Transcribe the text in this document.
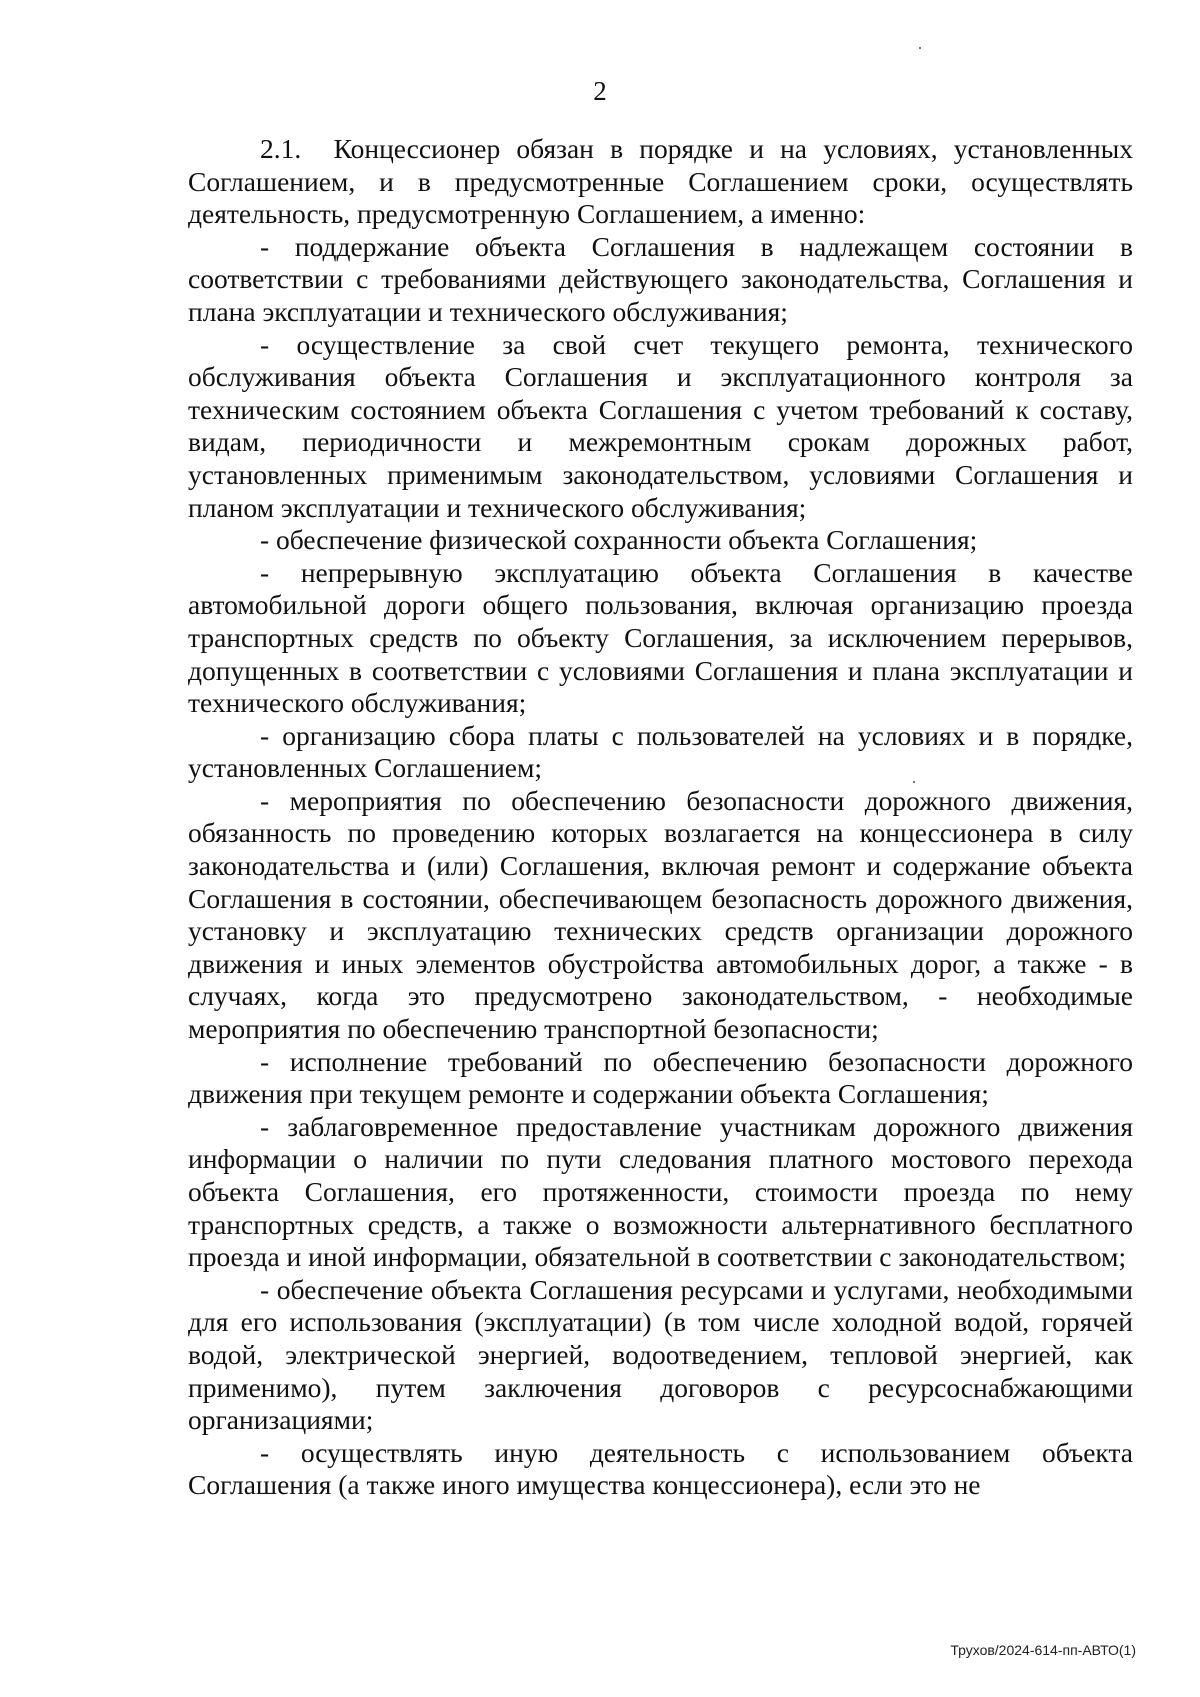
2

2.1.  Концессионер обязан в порядке и на условиях, установленных Соглашением, и в предусмотренные Соглашением сроки, осуществлять деятельность, предусмотренную Соглашением, а именно:

- поддержание объекта Соглашения в надлежащем состоянии в соответствии с требованиями действующего законодательства, Соглашения и плана эксплуатации и технического обслуживания;

- осуществление за свой счет текущего ремонта, технического обслуживания объекта Соглашения и эксплуатационного контроля за техническим состоянием объекта Соглашения с учетом требований к составу, видам, периодичности и межремонтным срокам дорожных работ, установленных применимым законодательством, условиями Соглашения и планом эксплуатации и технического обслуживания;

- обеспечение физической сохранности объекта Соглашения;

- непрерывную эксплуатацию объекта Соглашения в качестве автомобильной дороги общего пользования, включая организацию проезда транспортных средств по объекту Соглашения, за исключением перерывов, допущенных в соответствии с условиями Соглашения и плана эксплуатации и технического обслуживания;

- организацию сбора платы с пользователей на условиях и в порядке, установленных Соглашением;

- мероприятия по обеспечению безопасности дорожного движения, обязанность по проведению которых возлагается на концессионера в силу законодательства и (или) Соглашения, включая ремонт и содержание объекта Соглашения в состоянии, обеспечивающем безопасность дорожного движения, установку и эксплуатацию технических средств организации дорожного движения и иных элементов обустройства автомобильных дорог, а также - в случаях, когда это предусмотрено законодательством, - необходимые мероприятия по обеспечению транспортной безопасности;

- исполнение требований по обеспечению безопасности дорожного движения при текущем ремонте и содержании объекта Соглашения;

- заблаговременное предоставление участникам дорожного движения информации о наличии по пути следования платного мостового перехода объекта Соглашения, его протяженности, стоимости проезда по нему транспортных средств, а также о возможности альтернативного бесплатного проезда и иной информации, обязательной в соответствии с законодательством;

- обеспечение объекта Соглашения ресурсами и услугами, необходимыми для его использования (эксплуатации) (в том числе холодной водой, горячей водой, электрической энергией, водоотведением, тепловой энергией, как применимо), путем заключения договоров с ресурсоснабжающими организациями;

- осуществлять иную деятельность с использованием объекта Соглашения (а также иного имущества концессионера), если это не

Трухов/2024-614-пп-АВТО(1)
